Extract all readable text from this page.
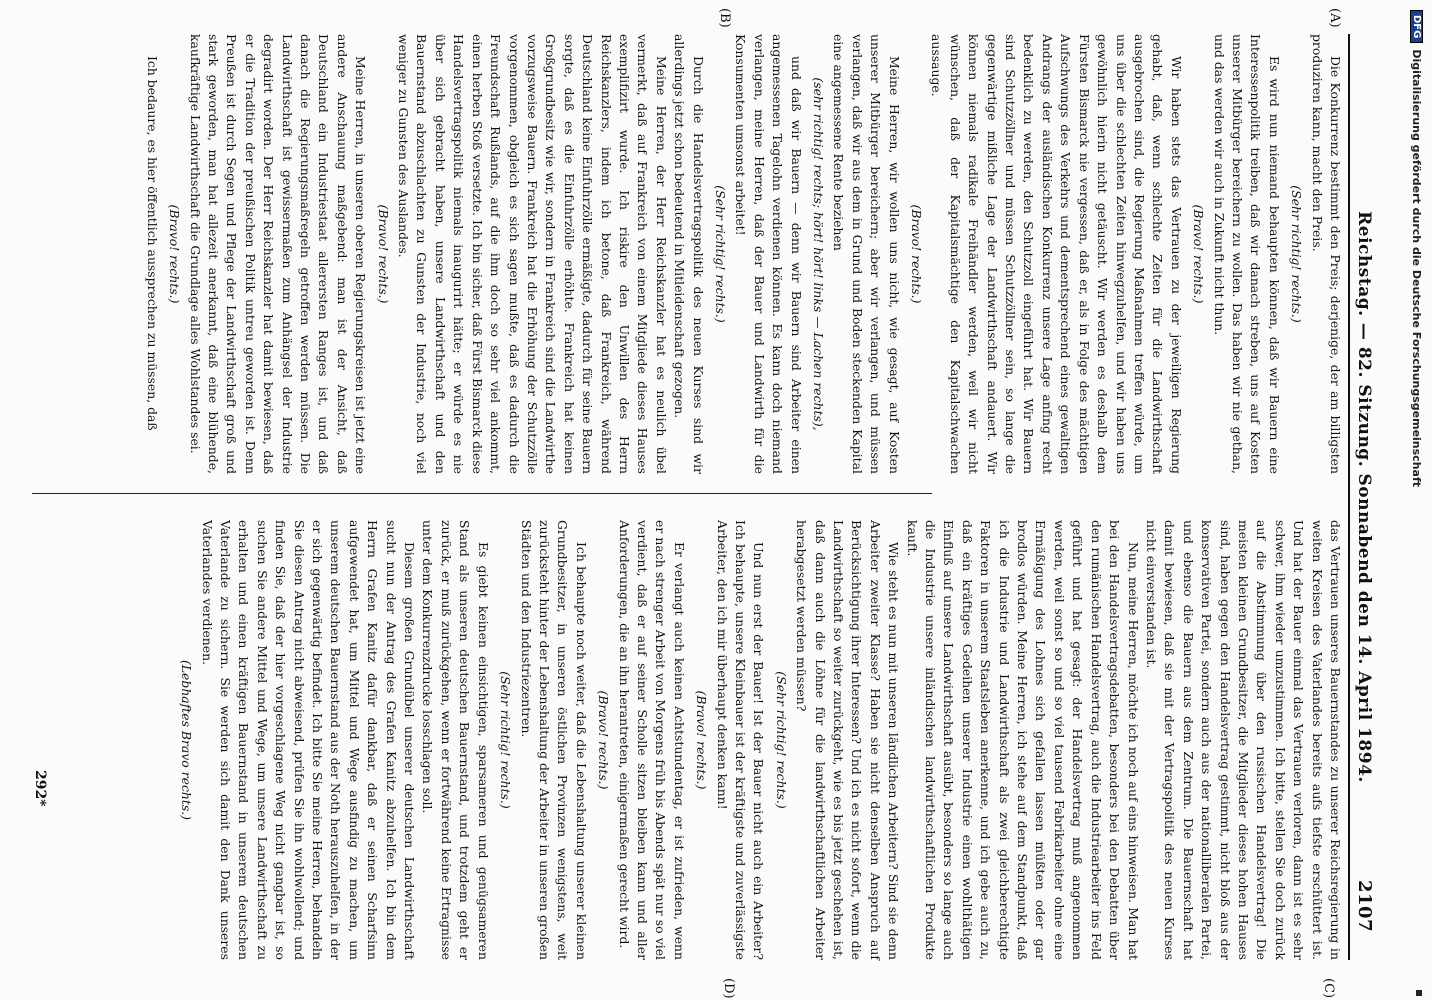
Reichstag. — 82. Sitzung. Sonnabend den 14. April 1894.
2107
(A)
(B)
(C)
(D)

Die Konkurrenz bestimmt den Preis; derjenige, der am billigsten produziren kann, macht den Preis.

(Sehr richtig! rechts.)

Es wird nun niemand behaupten können, daß wir Bauern eine Interessenpolitik treiben, daß wir danach streben, uns auf Kosten unserer Mitbürger bereichern zu wollen. Das haben wir nie gethan, und das werden wir auch in Zukunft nicht thun.

(Bravo! rechts.)

Wir haben stets das Vertrauen zu der jeweiligen Regierung gehabt, daß, wenn schlechte Zeiten für die Landwirthschaft ausgebrochen sind, die Regierung Maßnahmen treffen würde, um uns über die schlechten Zeiten hinwegzuhelfen, und wir haben uns gewöhnlich hierin nicht getäuscht. Wir werden es deshalb dem Fürsten Bismarck nie vergessen, daß er, als in Folge des mächtigen Aufschwungs des Verkehrs und dementsprechend eines gewaltigen Andrangs der ausländischen Konkurrenz unsere Lage anfing recht bedenklich zu werden, den Schutzzoll eingeführt hat. Wir Bauern sind Schutzzöllner und müssen Schutzzöllner sein, so lange die gegenwärtige mißliche Lage der Landwirthschaft andauert. Wir können niemals radikale Freihändler werden, weil wir nicht wünschen, daß der Kapitalsmächtige den Kapitalschwachen aussauge.

(Bravo! rechts.)

Meine Herren, wir wollen uns nicht, wie gesagt, auf Kosten unserer Mitbürger bereichern; aber wir verlangen, und müssen verlangen, daß wir aus dem in Grund und Boden steckenden Kapital eine angemessene Rente beziehen

(sehr richtig! rechts; hört! hört! links — Lachen rechts),

und daß wir Bauern — denn wir Bauern sind Arbeiter einen angemessenen Tagelohn verdienen können. Es kann doch niemand verlangen, meine Herren, daß der Bauer und Landwirth für die Konsumenten umsonst arbeitet!

(Sehr richtig! rechts.)

Durch die Handelsvertragspolitik des neuen Kurses sind wir allerdings jetzt schon bedeutend in Mitleidenschaft gezogen.

Meine Herren, der Herr Reichskanzler hat es neulich übel vermerkt, daß auf Frankreich von einem Mitgliede dieses Hauses exemplifizirt wurde. Ich riskire den Unwillen des Herrn Reichskanzlers, indem ich betone, daß Frankreich, während Deutschland keine Einfuhrzölle ermäßigte, dadurch für seine Bauern sorgte, daß es die Einfuhrzölle erhöhte. Frankreich hat keinen Großgrundbesitz wie wir, sondern in Frankreich sind die Landwirthe vorzugsweise Bauern. Frankreich hat die Erhöhung der Schutzzölle vorgenommen, obgleich es sich sagen mußte, daß es dadurch die Freundschaft Rußlands, auf die ihm doch so sehr viel ankommt, einen herben Stoß versetzte. Ich bin sicher, daß Fürst Bismarck diese Handelsvertragspolitik niemals inaugurirt hätte; er würde es nie über sich gebracht haben, unsere Landwirthschaft und den Bauernstand abzuschlachten zu Gunsten der Industrie, noch viel weniger zu Gunsten des Auslandes.

(Bravo! rechts.)

Meine Herren, in unseren oberen Regierungskreisen ist jetzt eine andere Anschauung maßgebend: man ist der Ansicht, daß Deutschland ein Industriestaat allerersten Ranges ist, und daß danach die Regierungsmaßregeln getroffen werden müssen. Die Landwirthschaft ist gewissermaßen zum Anhängsel der Industrie degradirt worden. Der Herr Reichskanzler hat damit bewiesen, daß er die Tradition der preußischen Politik untreu geworden ist. Denn Preußen ist durch Segen und Pflege der Landwirthschaft groß und stark geworden, man hat allezeit anerkannt, daß eine blühende, kaufkräftige Landwirthschaft die Grundlage alles Wohlstandes sei.

(Bravo! rechts.)

Ich bedaure, es hier öffentlich aussprechen zu müssen, daß

das Vertrauen unseres Bauernstandes zu unserer Reichsregierung in weiten Kreisen des Vaterlandes bereits aufs tiefste erschüttert ist. Und hat der Bauer einmal das Vertrauen verloren, dann ist es sehr schwer, ihm wieder umzustimmen. Ich bitte, stellen Sie doch zurück auf die Abstimmung über den russischen Handelsvertrag! Die meisten kleinen Grundbesitzer, die Mitglieder dieses hohen Hauses sind, haben gegen den Handelsvertrag gestimmt, nicht bloß aus der konservativen Partei, sondern auch aus der nationalliberalen Partei, und ebenso die Bauern aus dem Zentrum. Die Bauernschaft hat damit bewiesen, daß sie mit der Vertragspolitik des neuen Kurses nicht einverstanden ist.

Nun, meine Herren, möchte ich noch auf eins hinweisen. Man hat bei den Handelsvertragsdebatten, besonders bei den Debatten über den rumänischen Handelsvertrag, auch die Industriearbeiter ins Feld geführt und hat gesagt: der Handelsvertrag muß angenommen werden, weil sonst so und so viel tausend Fabrikarbeiter ohne eine Ermäßigung des Lohnes sich gefallen lassen müßten oder gar brodlos würden. Meine Herren, ich stehe auf dem Standpunkt, daß ich die Industrie und Landwirthschaft als zwei gleichberechtigte Faktoren in unserem Staatsleben anerkenne, und ich gebe auch zu, daß ein kräftiges Gedeihen unserer Industrie einen wohlthätigen Einfluß auf unsere Landwirthschaft ausübt, besonders so lange auch die Industrie unsere inländischen landwirthschaftlichen Produkte kauft.

Wie steht es nun mit unseren ländlichen Arbeitern? Sind sie denn Arbeiter zweiter Klasse? Haben sie nicht denselben Anspruch auf Berücksichtigung ihrer Interessen? Und ich es nicht sofort, wenn die Landwirthschaft so weiter zurückgeht, wie es bis jetzt geschehen ist, daß dann auch die Löhne für die landwirthschaftlichen Arbeiter herabgesetzt werden müssen?

(Sehr richtig! rechts.)

Und nun erst der Bauer! Ist der Bauer nicht auch ein Arbeiter? Ich behaupte, unsere Kleinbauer ist der kräftigste und zuverlässigste Arbeiter, den ich mir überhaupt denken kann!

(Bravo! rechts.)

Er verlangt auch keinen Achtstundentag, er ist zufrieden, wenn er nach strenger Arbeit von Morgens früh bis Abends spät nur so viel verdient, daß er auf seiner Scholle sitzen bleiben kann und aller Anforderungen, die an ihn herantreten, einigermaßen gerecht wird.

(Bravo! rechts.)

Ich behaupte noch weiter, daß die Lebenshaltung unserer kleinen Grundbesitzer, in unseren östlichen Provinzen wenigstens, weit zurücksteht hinter der Lebenshaltung der Arbeiter in unseren großen Städten und den Industriezentren.

(Sehr richtig! rechts.)

Es giebt keinen einsichtigen, sparsameren und genügsameren Stand als unseren deutschen Bauernstand, und trotzdem geht er zurück, er muß zurückgehen, wenn er fortwährend keine Ertragnisse unter dem Konkurrenzdrucke losschlagen soll.

Diesem großen Grundübel unserer deutschen Landwirthschaft sucht nun der Antrag des Grafen Kanitz abzuhelfen. Ich bin dem Herrn Grafen Kanitz dafür dankbar, daß er seinen Scharfsinn aufgewendet hat, um Mittel und Wege ausfindig zu machen, um unserem deutschen Bauernstand aus der Noth herauszuhelfen, in der er sich gegenwärtig befindet. Ich bitte Sie meine Herren, behandeln Sie diesen Antrag nicht abweisend, prüfen Sie ihn wohlwollend; und finden Sie, daß der hier vorgeschlagene Weg nicht gangbar ist, so suchen Sie andere Mittel und Wege, um unsere Landwirthschaft zu erhalten und einen kräftigen Bauernstand in unserem deutschen Vaterlande zu sichern. Sie werden sich damit den Dank unseres Vaterlandes verdienen.

(Lebhaftes Bravo rechts.)

292*
DFG
Digitalisierung gefördert durch die Deutsche Forschungsgemeinschaft
